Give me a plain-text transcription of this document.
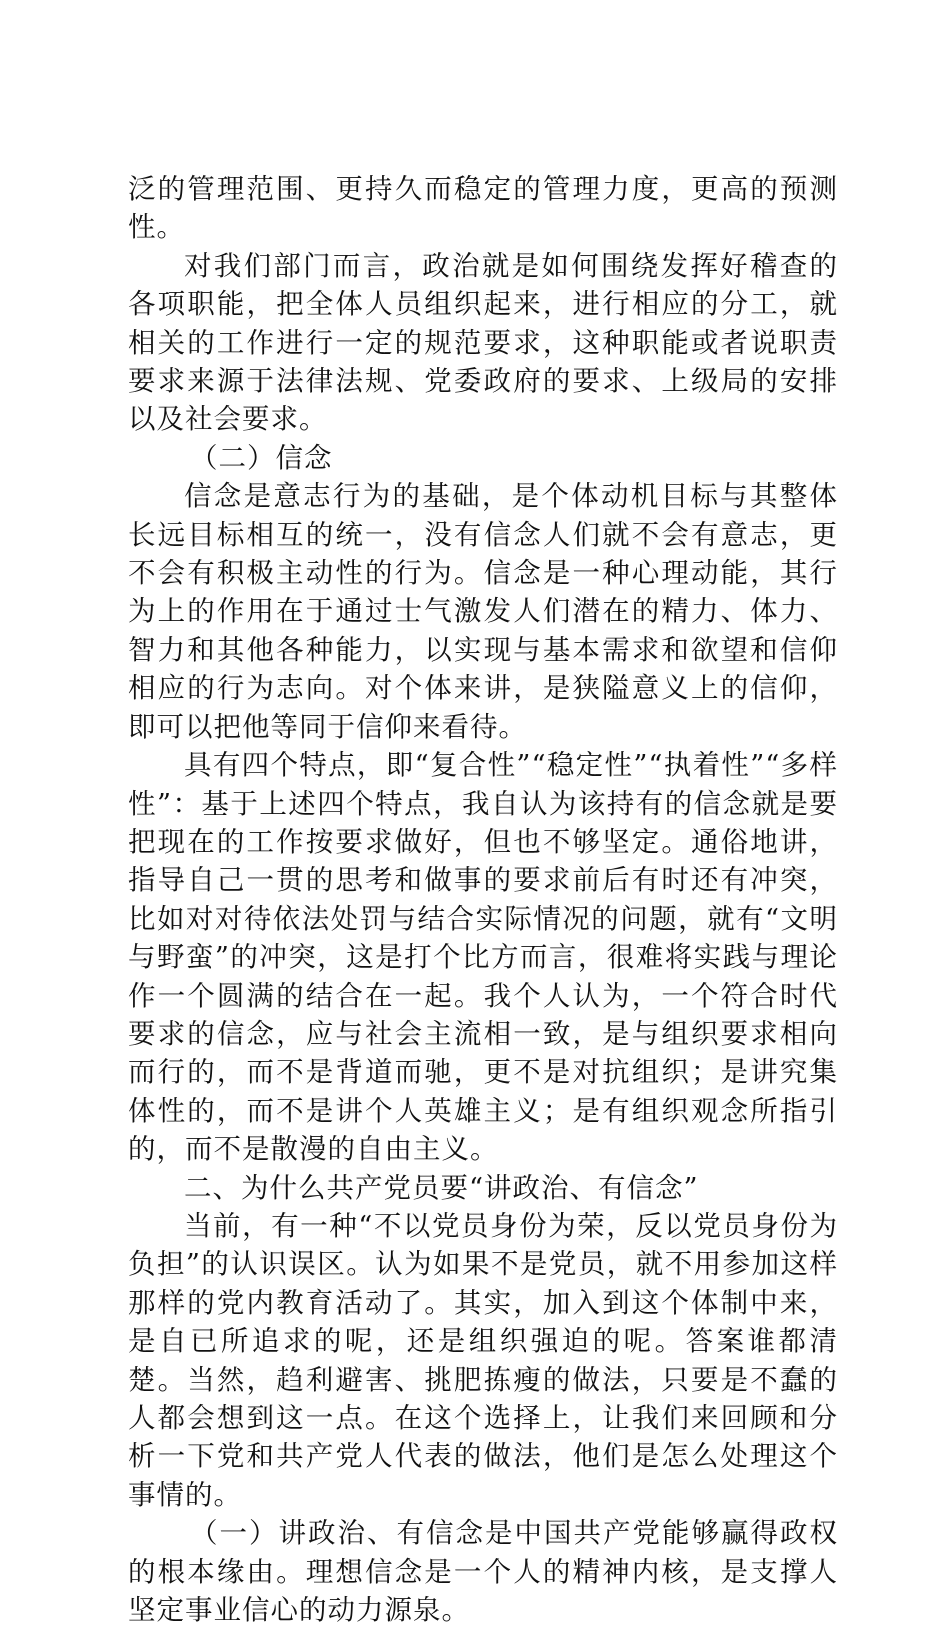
泛的管理范围、更持久而稳定的管理力度，更高的预测性。

对我们部门而言，政治就是如何围绕发挥好稽查的各项职能，把全体人员组织起来，进行相应的分工，就相关的工作进行一定的规范要求，这种职能或者说职责要求来源于法律法规、党委政府的要求、上级局的安排以及社会要求。

（二）信念

信念是意志行为的基础，是个体动机目标与其整体长远目标相互的统一，没有信念人们就不会有意志，更不会有积极主动性的行为。信念是一种心理动能，其行为上的作用在于通过士气激发人们潜在的精力、体力、智力和其他各种能力，以实现与基本需求和欲望和信仰相应的行为志向。对个体来讲，是狭隘意义上的信仰，即可以把他等同于信仰来看待。

具有四个特点，即“复合性”“稳定性”“执着性”“多样性”：基于上述四个特点，我自认为该持有的信念就是要把现在的工作按要求做好，但也不够坚定。通俗地讲，指导自己一贯的思考和做事的要求前后有时还有冲突，比如对对待依法处罚与结合实际情况的问题，就有“文明与野蛮”的冲突，这是打个比方而言，很难将实践与理论作一个圆满的结合在一起。我个人认为，一个符合时代要求的信念，应与社会主流相一致，是与组织要求相向而行的，而不是背道而驰，更不是对抗组织；是讲究集体性的，而不是讲个人英雄主义；是有组织观念所指引的，而不是散漫的自由主义。

二、为什么共产党员要“讲政治、有信念”

当前，有一种“不以党员身份为荣，反以党员身份为负担”的认识误区。认为如果不是党员，就不用参加这样那样的党内教育活动了。其实，加入到这个体制中来，是自已所追求的呢，还是组织强迫的呢。答案谁都清楚。当然，趋利避害、挑肥拣瘦的做法，只要是不蠢的人都会想到这一点。在这个选择上，让我们来回顾和分析一下党和共产党人代表的做法，他们是怎么处理这个事情的。

（一）讲政治、有信念是中国共产党能够赢得政权的根本缘由。理想信念是一个人的精神内核，是支撑人坚定事业信心的动力源泉。
